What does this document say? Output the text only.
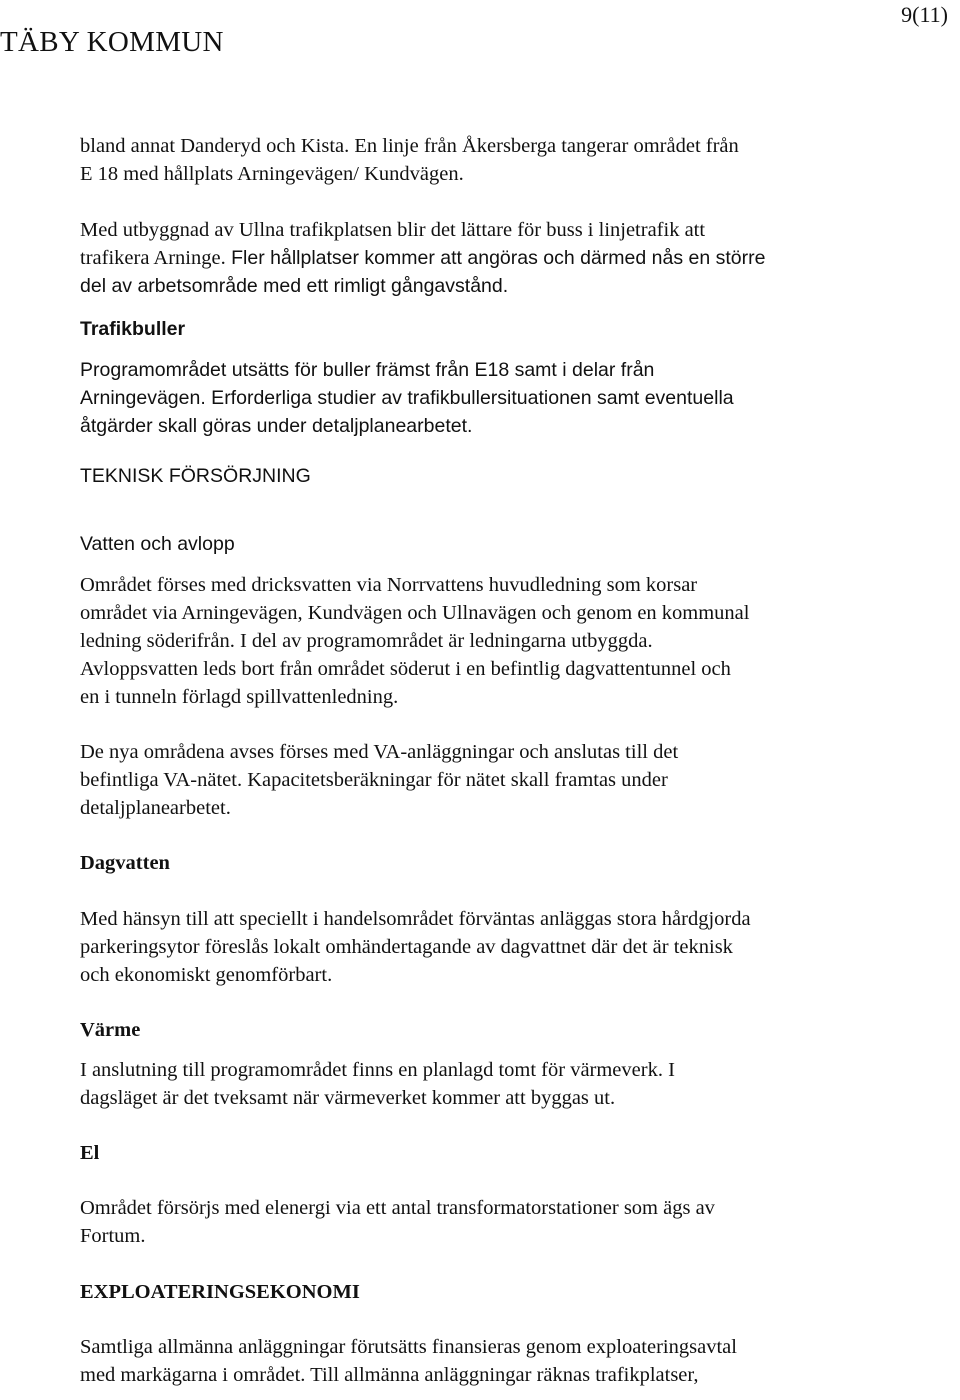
TÄBY KOMMUN
9(11)

bland annat Danderyd och Kista. En linje från Åkersberga tangerar området från

E 18 med hållplats Arningevägen/ Kundvägen.

Med utbyggnad av Ullna trafikplatsen blir det lättare för buss i linjetrafik att

trafikera Arninge. Fler hållplatser kommer att angöras och därmed nås en större

del av arbetsområde med ett rimligt gångavstånd.

Trafikbuller

Programområdet utsätts för buller främst från E18 samt i delar från

Arningevägen. Erforderliga studier av trafikbullersituationen samt eventuella

åtgärder skall göras under detaljplanearbetet.

TEKNISK FÖRSÖRJNING

Vatten och avlopp

Området förses med dricksvatten via Norrvattens huvudledning som korsar

området via Arningevägen, Kundvägen och Ullnavägen och genom en kommunal

ledning söderifrån. I del av programområdet är ledningarna utbyggda.

Avloppsvatten leds bort från området söderut i en befintlig dagvattentunnel och

en i tunneln förlagd spillvattenledning.

De nya områdena avses förses med VA-anläggningar och anslutas till det

befintliga VA-nätet. Kapacitetsberäkningar för nätet skall framtas under

detaljplanearbetet.

Dagvatten

Med hänsyn till att speciellt i handelsområdet förväntas anläggas stora hårdgjorda

parkeringsytor föreslås lokalt omhändertagande av dagvattnet där det är teknisk

och ekonomiskt genomförbart.

Värme

I anslutning till programområdet finns en planlagd tomt för värmeverk. I

dagsläget är det tveksamt när värmeverket kommer att byggas ut.

El

Området försörjs med elenergi via ett antal transformatorstationer som ägs av

Fortum.

EXPLOATERINGSEKONOMI

Samtliga allmänna anläggningar förutsätts finansieras genom exploateringsavtal

med markägarna i området. Till allmänna anläggningar räknas trafikplatser,
